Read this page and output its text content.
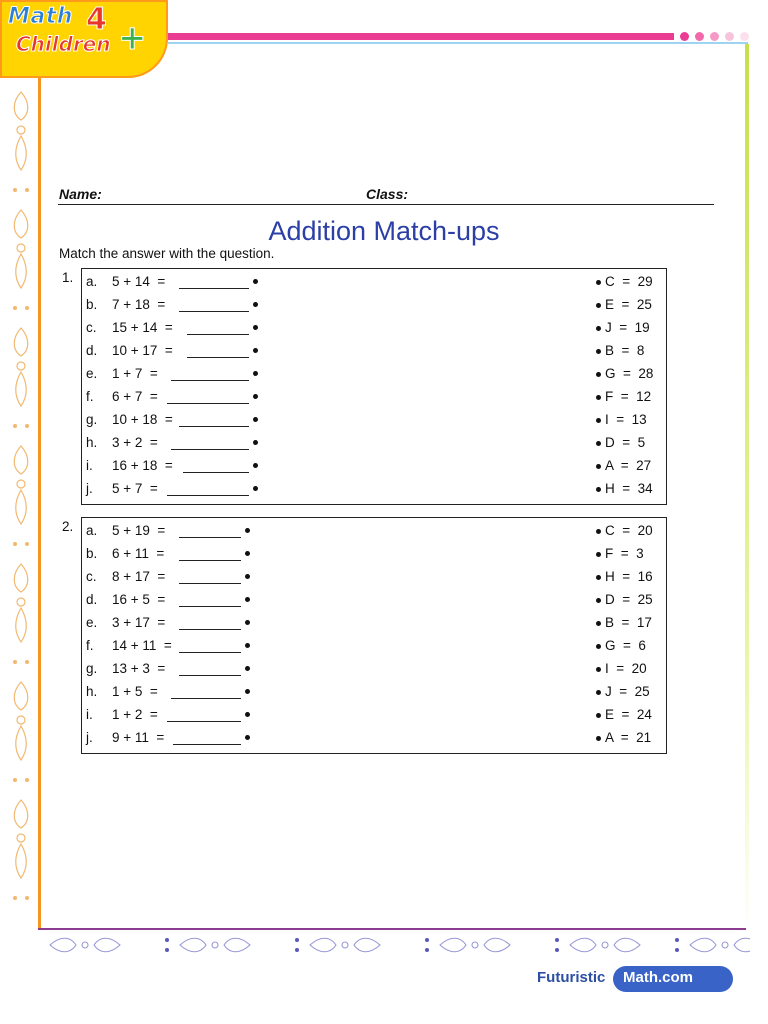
Math 4
Children +
Name:	Class:
Addition Match-ups
Match the answer with the question.
1. a. 5 + 14  =	C  =  29
b. 7 + 18  =	E  =  25
c. 15 + 14  =	J  =  19
d. 10 + 17  =	B  =  8
e. 1 + 7  =	G  =  28
f. 6 + 7  =	F  =  12
g. 10 + 18  =	I  =  13
h. 3 + 2  =	D  =  5
i. 16 + 18  =	A  =  27
j. 5 + 7  =	H  =  34
2. a. 5 + 19  =	C  =  20
b. 6 + 11  =	F  =  3
c. 8 + 17  =	H  =  16
d. 16 + 5  =	D  =  25
e. 3 + 17  =	B  =  17
f. 14 + 11  =	G  =  6
g. 13 + 3  =	I  =  20
h. 1 + 5  =	J  =  25
i. 1 + 2  =	E  =  24
j. 9 + 11  =	A  =  21
Futuristic Math.com
